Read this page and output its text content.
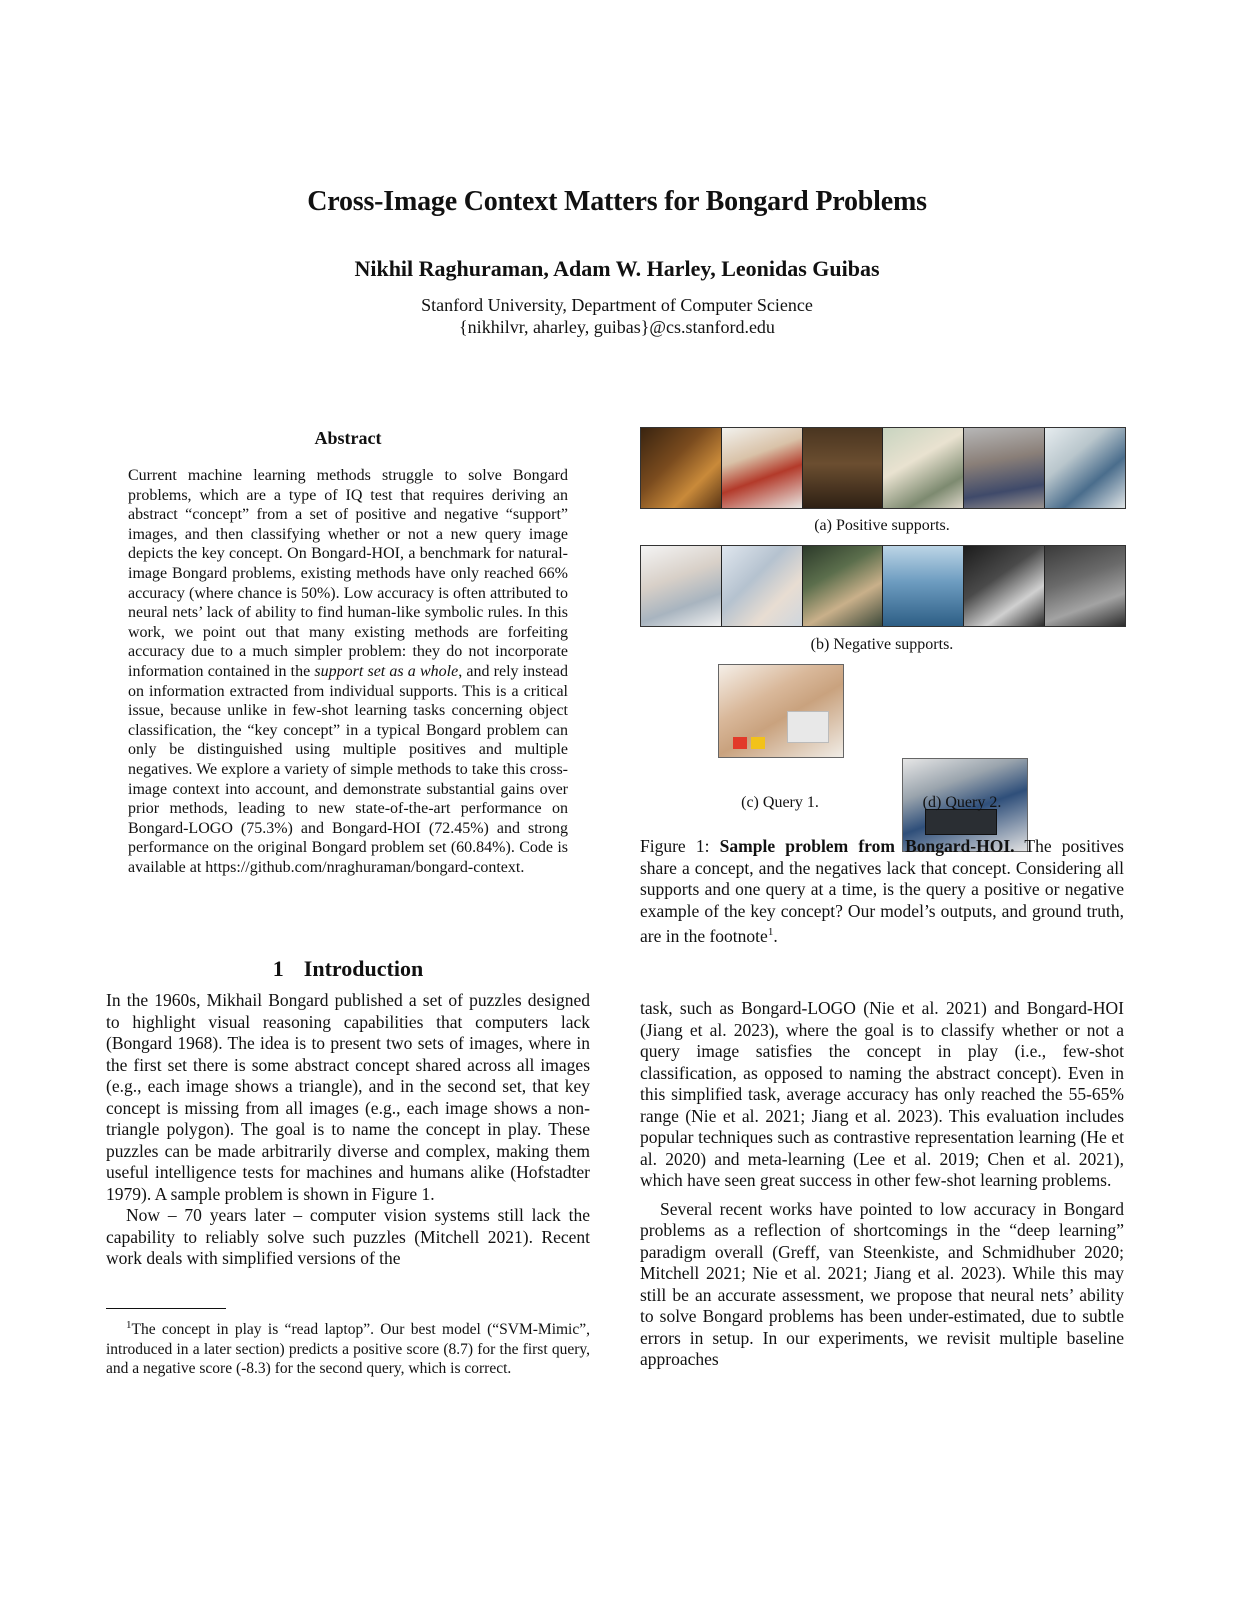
Cross-Image Context Matters for Bongard Problems
Nikhil Raghuraman, Adam W. Harley, Leonidas Guibas
Stanford University, Department of Computer Science
{nikhilvr, aharley, guibas}@cs.stanford.edu
Abstract
Current machine learning methods struggle to solve Bongard problems, which are a type of IQ test that requires deriving an abstract “concept” from a set of positive and negative “support” images, and then classifying whether or not a new query image depicts the key concept. On Bongard-HOI, a benchmark for natural-image Bongard problems, existing methods have only reached 66% accuracy (where chance is 50%). Low accuracy is often attributed to neural nets’ lack of ability to find human-like symbolic rules. In this work, we point out that many existing methods are forfeiting accuracy due to a much simpler problem: they do not incorporate information contained in the support set as a whole, and rely instead on information extracted from individual supports. This is a critical issue, because unlike in few-shot learning tasks concerning object classification, the “key concept” in a typical Bongard problem can only be distinguished using multiple positives and multiple negatives. We explore a variety of simple methods to take this cross-image context into account, and demonstrate substantial gains over prior methods, leading to new state-of-the-art performance on Bongard-LOGO (75.3%) and Bongard-HOI (72.45%) and strong performance on the original Bongard problem set (60.84%). Code is available at https://github.com/nraghuraman/bongard-context.
(a) Positive supports.
(b) Negative supports.
(c) Query 1.	(d) Query 2.
Figure 1: Sample problem from Bongard-HOI. The positives share a concept, and the negatives lack that concept. Considering all supports and one query at a time, is the query a positive or negative example of the key concept? Our model’s outputs, and ground truth, are in the footnote$^1$.
1 Introduction

In the 1960s, Mikhail Bongard published a set of puzzles designed to highlight visual reasoning capabilities that computers lack (Bongard 1968). The idea is to present two sets of images, where in the first set there is some abstract concept shared across all images (e.g., each image shows a triangle), and in the second set, that key concept is missing from all images (e.g., each image shows a non-triangle polygon). The goal is to name the concept in play. These puzzles can be made arbitrarily diverse and complex, making them useful intelligence tests for machines and humans alike (Hofstadter 1979). A sample problem is shown in Figure 1.

Now – 70 years later – computer vision systems still lack the capability to reliably solve such puzzles (Mitchell 2021). Recent work deals with simplified versions of the

$^1$The concept in play is “read laptop”. Our best model (“SVM-Mimic”, introduced in a later section) predicts a positive score (8.7) for the first query, and a negative score (-8.3) for the second query, which is correct.

task, such as Bongard-LOGO (Nie et al. 2021) and Bongard-HOI (Jiang et al. 2023), where the goal is to classify whether or not a query image satisfies the concept in play (i.e., few-shot classification, as opposed to naming the abstract concept). Even in this simplified task, average accuracy has only reached the 55-65% range (Nie et al. 2021; Jiang et al. 2023). This evaluation includes popular techniques such as contrastive representation learning (He et al. 2020) and meta-learning (Lee et al. 2019; Chen et al. 2021), which have seen great success in other few-shot learning problems.

Several recent works have pointed to low accuracy in Bongard problems as a reflection of shortcomings in the “deep learning” paradigm overall (Greff, van Steenkiste, and Schmidhuber 2020; Mitchell 2021; Nie et al. 2021; Jiang et al. 2023). While this may still be an accurate assessment, we propose that neural nets’ ability to solve Bongard problems has been under-estimated, due to subtle errors in setup. In our experiments, we revisit multiple baseline approaches
